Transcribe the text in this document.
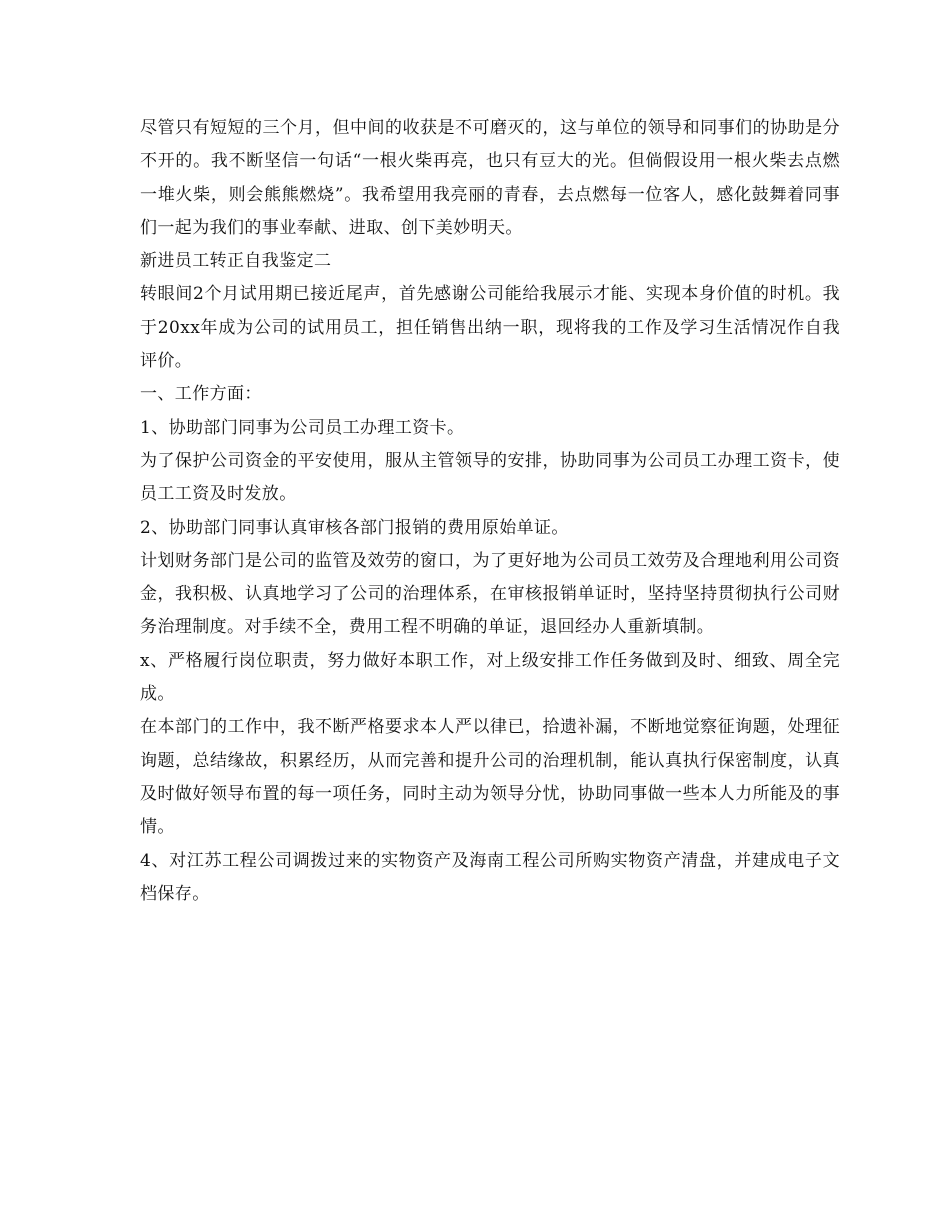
尽管只有短短的三个月，但中间的收获是不可磨灭的，这与单位的领导和同事们的协助是分不开的。我不断坚信一句话“一根火柴再亮，也只有豆大的光。但倘假设用一根火柴去点燃一堆火柴，则会熊熊燃烧”。我希望用我亮丽的青春，去点燃每一位客人，感化鼓舞着同事们一起为我们的事业奉献、进取、创下美妙明天。

新进员工转正自我鉴定二

转眼间2个月试用期已接近尾声，首先感谢公司能给我展示才能、实现本身价值的时机。我于20xx年成为公司的试用员工，担任销售出纳一职，现将我的工作及学习生活情况作自我评价。

一、工作方面：

1、协助部门同事为公司员工办理工资卡。

为了保护公司资金的平安使用，服从主管领导的安排，协助同事为公司员工办理工资卡，使员工工资及时发放。

2、协助部门同事认真审核各部门报销的费用原始单证。

计划财务部门是公司的监管及效劳的窗口，为了更好地为公司员工效劳及合理地利用公司资金，我积极、认真地学习了公司的治理体系，在审核报销单证时，坚持坚持贯彻执行公司财务治理制度。对手续不全，费用工程不明确的单证，退回经办人重新填制。

x、严格履行岗位职责，努力做好本职工作，对上级安排工作任务做到及时、细致、周全完成。

在本部门的工作中，我不断严格要求本人严以律已，拾遗补漏，不断地觉察征询题，处理征询题，总结缘故，积累经历，从而完善和提升公司的治理机制，能认真执行保密制度，认真及时做好领导布置的每一项任务，同时主动为领导分忧，协助同事做一些本人力所能及的事情。

4、对江苏工程公司调拨过来的实物资产及海南工程公司所购实物资产清盘，并建成电子文档保存。
